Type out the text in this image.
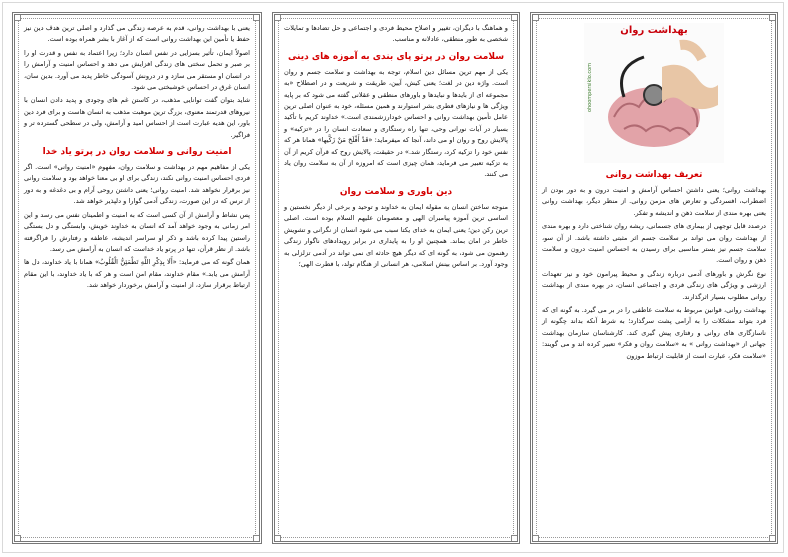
بهداشت روان
ohoompersiklo.com
تعریف بهداشت روانی

بهداشت روانی؛ یعنی داشتن احساس آرامش و امنیت درون و به دور بودن از اضطراب، افسردگی و تعارض های مزمن روانی. از منظر دیگر، بهداشت روانی یعنی بهره مندی از سلامت ذهن و اندیشه و تفکر.

درصدد قابل توجهی از بیماری های جسمانی، ریشه روان شناختی دارد و بهره مندی از بهداشت روان می تواند بر سلامت جسم اثر مثبتی داشته باشد. از آن سو، سلامت جسم نیز بستر مناسبی برای رسیدن به احساس امنیت درون و سلامت ذهن و روان است.

نوع نگرش و باورهای آدمی درباره زندگی و محیط پیرامون خود و نیز تعهدات ارزشی و ویژگی های زندگی فردی و اجتماعی انسان، در بهره مندی از بهداشت روانی مطلوب بسیار اثرگذارند.

بهداشت روانی، قوانین مربوط به سلامت عاطفی را در بر می گیرد. به گونه ای که فرد بتواند مشکلات را به آرامی پشت سرگذارد؛ به شرط آنکه بداند چگونه از ناسازگاری های روانی و رفتاری پیش گیری کند. کارشناسان سازمان بهداشت جهانی از «بهداشت روانی » به «سلامت روان و فکر» تعبیر کرده اند و می گویند: «سلامت فکر، عبارت است از قابلیت ارتباط موزون

و هماهنگ با دیگران، تغییر و اصلاح محیط فردی و اجتماعی و حل تضادها و تمایلات شخصی به طور منطقی، عادلانه و مناسب.

سلامت روان در پرتو پای بندی به آموزه های دینی

یکی از مهم ترین مسائل دین اسلام، توجه به بهداشت و سلامت جسم و روان است. واژه دین در لغت؛ یعنی کیش، آیین، طریقت و شریعت و در اصطلاح «به مجموعه ای از بایدها و نبایدها و باورهای منطقی و عقلانی گفته می شود که بر پایه ویژگی ها و نیازهای فطری بشر استوارند و همین مسئله، خود به عنوان اصلی ترین عامل تأمین بهداشت روانی و احساس خودارزشمندی است.» خداوند کریم با تأکید بسیار در آیات نورانی وحی، تنها راه رستگاری و سعادت انسان را در «تزکیه» و پالایش روح و روان او می داند، آنجا که میفرماید: «قَدْ أَفْلَحَ مَنْ زَكَّيها» همانا هر که نفس خود را تزکیه کرد، رستگار شد.» در حقیقت، پالایش روح که قرآن کریم از آن به تزکیه تعبیر می فرماید، همان چیزی است که امروزه از آن به سلامت روان یاد می کنند.

دین باوری و سلامت روان

منوجه ساختن انسان به مقوله ایمان به خداوند و توحید و برخی از دیگر نخستین و اساسی ترین آموزه پیامبران الهی و معصومان علیهم السلام بوده است. اصلی ترین رکن دین؛ یعنی ایمان به خدای یکتا سبب می شود انسان از نگرانی و تشویش خاطر در امان بماند. همچنین او را به پایداری در برابر رویدادهای ناگوار زندگی رهنمون می شود، به گونه ای که دیگر هیچ حادثه ای نمی تواند در آدمی تزلزلی به وجود آورد. بر اساس بینش اسلامی، هر انسانی از هنگام تولد، با فطرت الهی؛

یعنی با بهداشت روانی، قدم به عرصه زندگی می گذارد و اصلی ترین هدف دین نیز حفظ یا تأمین این بهداشت روانی است که از آغاز با بشر همراه بوده است.

اصولاً ایمان، تأثیر بسزایی در نفس انسان دارد؛ زیرا اعتماد به نفس و قدرت او را بر صبر و تحمل سختی های زندگی افزایش می دهد و احساس امنیت و آرامش را در انسان او مستقر می سازد و در درونش آسودگی خاطر پدید می آورد. بدین سان، انسان غرق در احساس خوشبختی می شود.

شاید بتوان گفت توانایی مذهب، در کاستن غم های وجودی و پدید دادن انسان با نیروهای قدرتمند معنوی، بزرگ ترین موهبت مذهب به انسان هاست و برای فرد دین باور، این هدیه عبارت است از احساس امید و آرامش، ولی در سطحی گسترده تر و فراگیر.

امنیت روانی و سلامت روان در پرتو یاد خدا

یکی از مفاهیم مهم در بهداشت و سلامت روان، مفهوم «امنیت روانی» است. اگر فردی احساس امنیت روانی نکند، زندگی برای او بی معنا خواهد بود و سلامت روانی نیز برقرار نخواهد شد. امنیت روانی؛ یعنی داشتن روحی آرام و بی دغدغه و به دور از ترس که در این صورت، زندگی آدمی گوارا و دلپذیر خواهد شد.

پس نشاط و آرامش از آن کسی است که به امنیت و اطمینان نفس می رسد و این امر زمانی به وجود خواهد آمد که انسان به خداوند خویش، وابستگی و دل بستگی راستین پیدا کرده باشد و ذکر او سراسر اندیشه، عاطفه و رفتارش را فراگرفته باشد. از نظر قرآن، تنها در پرتو یاد خداست که انسان به آرامش می رسد.

همان گونه که می فرماید: «أَلَا بِذِكْرِ اللَّهِ تَطْمَئِنُّ الْقُلُوبُ» همانا با یاد خداوند، دل ها آرامش می یابد.» مقام خداوند، مقام امن است و هر که با یاد خداوند، با این مقام ارتباط برقرار سازد، از امنیت و آرامش برخوردار خواهد شد.
